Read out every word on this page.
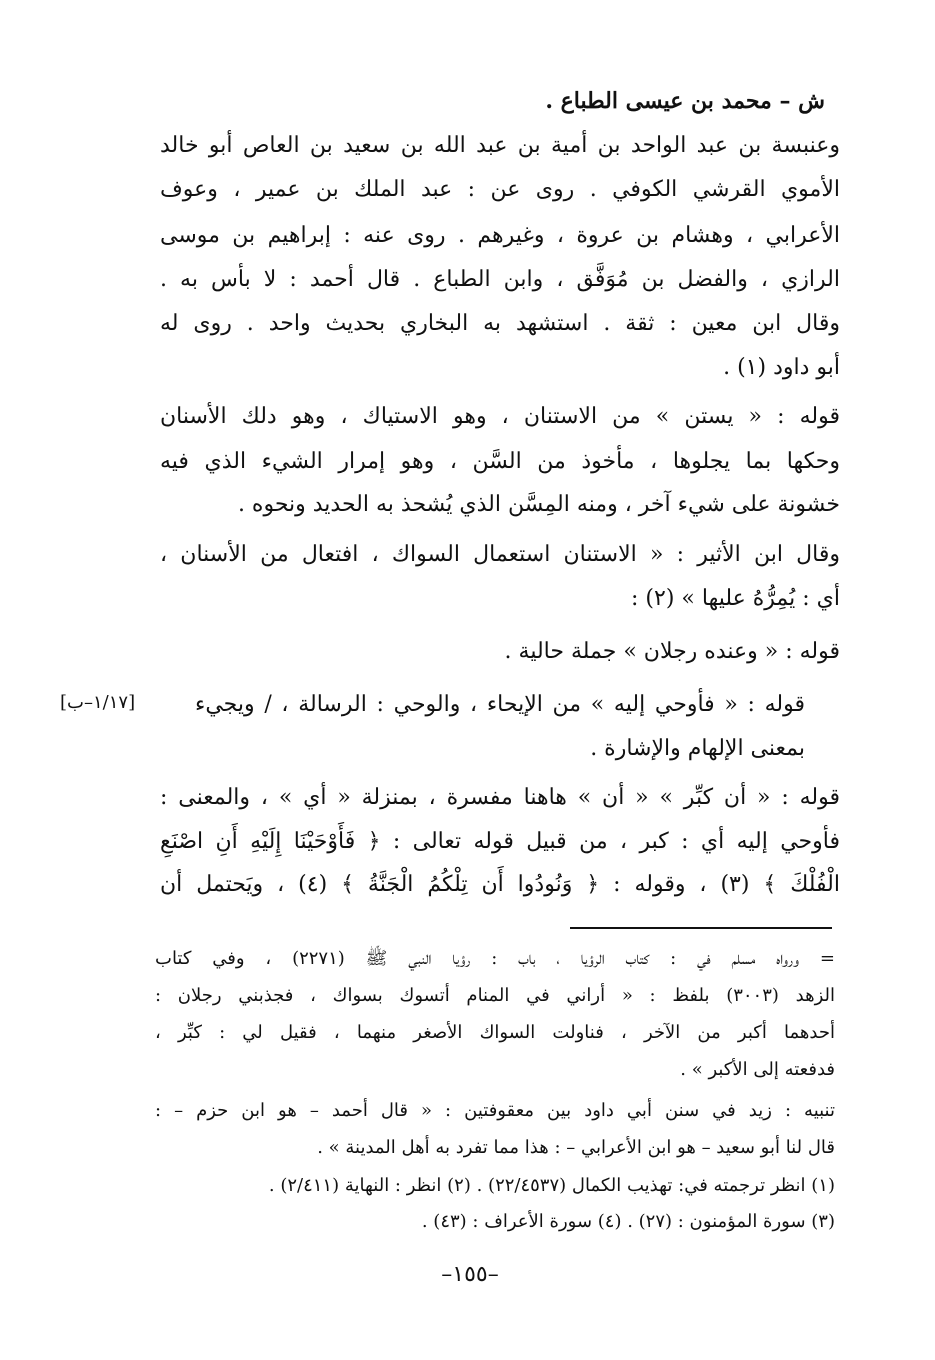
ش – محمد بن عيسى الطباع .
وعنبسة بن عبد الواحد بن أمية بن عبد الله بن سعيد بن العاص أبو خالد
الأموي القرشي الكوفي . روى عن : عبد الملك بن عمير ، وعوف
الأعرابي ، وهشام بن عروة ، وغيرهم . روى عنه : إبراهيم بن موسى
الرازي ، والفضل بن مُوَفَّق ، وابن الطباع . قال أحمد : لا بأس به .
وقال ابن معين : ثقة . استشهد به البخاري بحديث واحد . روى له
أبو داود (١) .
قوله : « يستن » من الاستنان ، وهو الاستياك ، وهو دلك الأسنان
وحكها بما يجلوها ، مأخوذ من السَّن ، وهو إمرار الشيء الذي فيه
خشونة على شيء آخر ، ومنه المِسَّن الذي يُشحذ به الحديد ونحوه .
وقال ابن الأثير : « الاستنان استعمال السواك ، افتعال من الأسنان ،
أي : يُمِرُّهُ عليها » (٢) :
قوله : « وعنده رجلان » جملة حالية .
قوله : « فأوحي إليه » من الإيحاء ، والوحي : الرسالة ، / ويجيء
[١/١٧–ب]
بمعنى الإلهام والإشارة .
قوله : « أن كبِّر » « أن » هاهنا مفسرة ، بمنزلة « أي » ، والمعنى :
فأوحي إليه أي : كبر ، من قبيل قوله تعالى : ﴿ فَأَوْحَيْنَا إِلَيْهِ أَنِ اصْنَعِ
الْفُلْكَ ﴾ (٣) ، وقوله : ﴿ وَنُودُوا أَن تِلْكُمُ الْجَنَّةُ ﴾ (٤) ، ويَحتمل أن
= ورواه مسلم في : كتاب الرؤيا ، باب : رؤيا النبي ﷺ (٢٢٧١) ، وفي كتاب
الزهد (٣٠٠٣) بلفظ : « أراني في المنام أتسوك بسواك ، فجذبني رجلان :
أحدهما أكبر من الآخر ، فناولت السواك الأصغر منهما ، فقيل لي : كبِّر ،
فدفعته إلى الأكبر » .
تنبيه : زيد في سنن أبي داود بين معقوفتين : « قال أحمد – هو ابن حزم – :
قال لنا أبو سعيد – هو ابن الأعرابي – : هذا مما تفرد به أهل المدينة » .
(١) انظر ترجمته في: تهذيب الكمال (٢٢/٤٥٣٧) . (٢) انظر : النهاية (٢/٤١١) .
(٣) سورة المؤمنون : (٢٧) . (٤) سورة الأعراف : (٤٣) .
–١٥٥–
